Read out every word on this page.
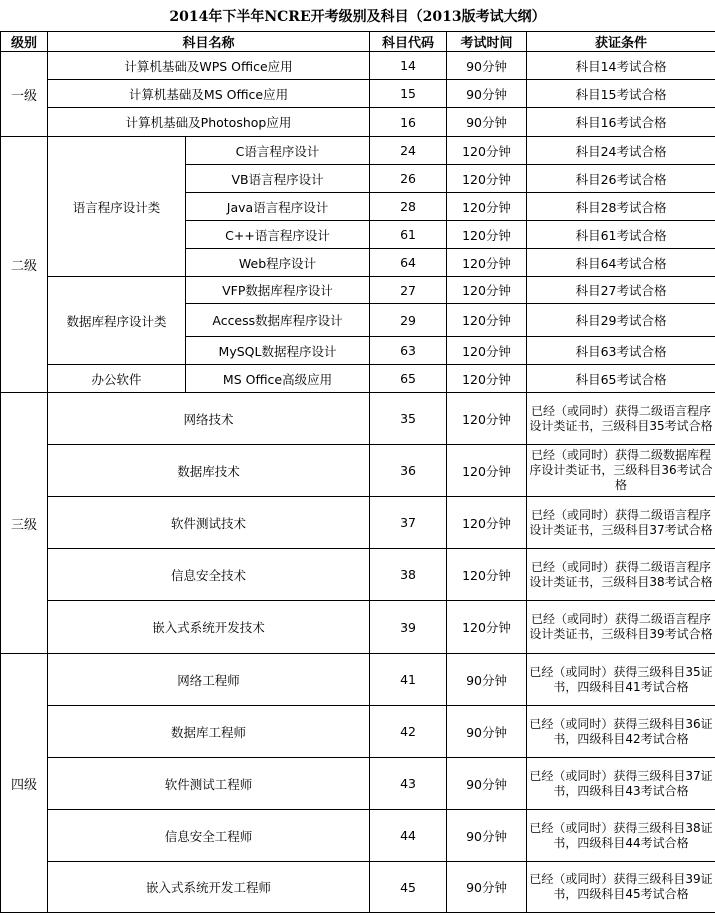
2014年下半年NCRE开考级别及科目（2013版考试大纲）
级别	科目名称		科目代码	考试时间	获证条件
一级	计算机基础及WPS Office应用		14	90分钟	科目14考试合格
	计算机基础及MS Office应用		15	90分钟	科目15考试合格
	计算机基础及Photoshop应用		16	90分钟	科目16考试合格
二级	语言程序设计类	C语言程序设计	24	120分钟	科目24考试合格
		VB语言程序设计	26	120分钟	科目26考试合格
		Java语言程序设计	28	120分钟	科目28考试合格
		C++语言程序设计	61	120分钟	科目61考试合格
		Web程序设计	64	120分钟	科目64考试合格
	数据库程序设计类	VFP数据库程序设计	27	120分钟	科目27考试合格
		Access数据库程序设计	29	120分钟	科目29考试合格
		MySQL数据程序设计	63	120分钟	科目63考试合格
	办公软件	MS Office高级应用	65	120分钟	科目65考试合格
三级	网络技术		35	120分钟	已经（或同时）获得二级语言程序设计类证书，三级科目35考试合格
	数据库技术		36	120分钟	已经（或同时）获得二级数据库程序设计类证书，三级科目36考试合格
	软件测试技术		37	120分钟	已经（或同时）获得二级语言程序设计类证书，三级科目37考试合格
	信息安全技术		38	120分钟	已经（或同时）获得二级语言程序设计类证书，三级科目38考试合格
	嵌入式系统开发技术		39	120分钟	已经（或同时）获得二级语言程序设计类证书，三级科目39考试合格
四级	网络工程师		41	90分钟	已经（或同时）获得三级科目35证书，四级科目41考试合格
	数据库工程师		42	90分钟	已经（或同时）获得三级科目36证书，四级科目42考试合格
	软件测试工程师		43	90分钟	已经（或同时）获得三级科目37证书，四级科目43考试合格
	信息安全工程师		44	90分钟	已经（或同时）获得三级科目38证书，四级科目44考试合格
	嵌入式系统开发工程师		45	90分钟	已经（或同时）获得三级科目39证书，四级科目45考试合格
